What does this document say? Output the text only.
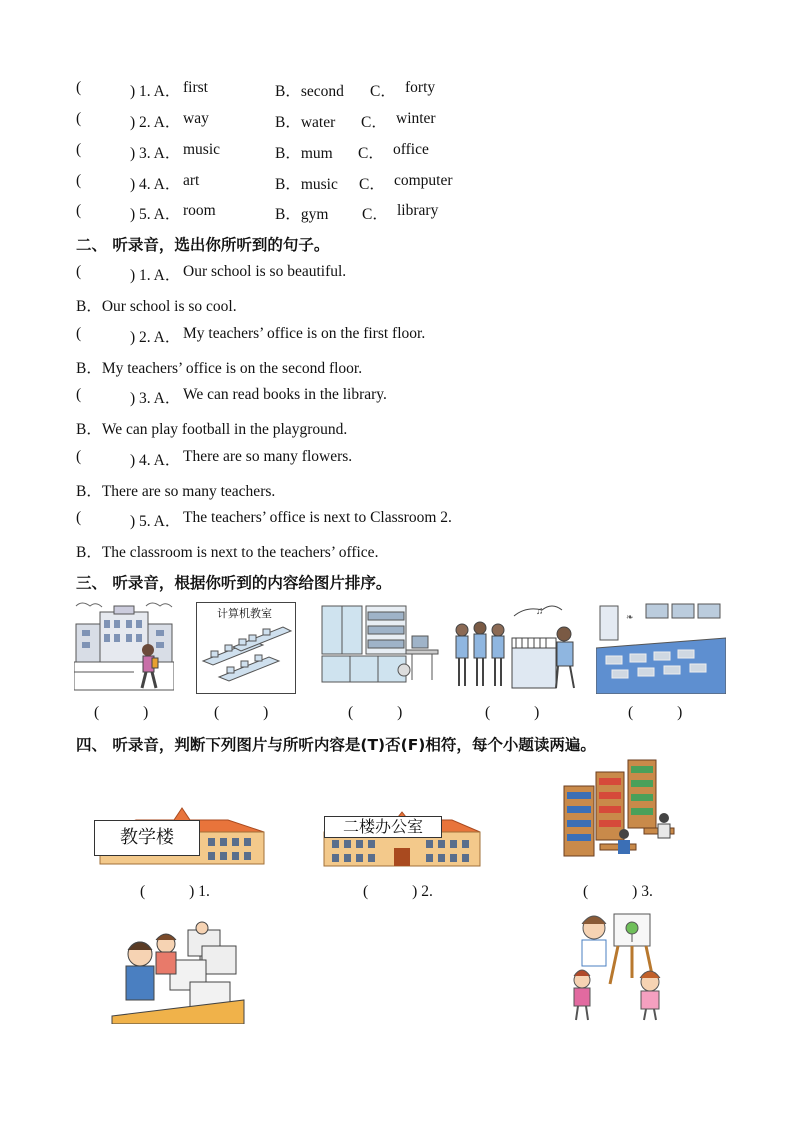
(	) 1. A． first	B．second C． forty
(	) 2. A． way	B．water C． winter
(	) 3. A． music	B．mum C． office
(	) 4. A． art	B．music C． computer
(	) 5. A． room	B．gym C． library
二、 听录音，选出你所听到的句子。
(	) 1. A． Our school is so beautiful.
B．Our school is so cool.
(	) 2. A． My teachers’ office is on the first floor.
B．My teachers’ office is on the second floor.
(	) 3. A． We can read books in the library.
B．We can play football in the playground.
(	) 4. A． There are so many flowers.
B．There are so many teachers.
(	) 5. A． The teachers’ office is next to Classroom 2.
B．The classroom is next to the teachers’ office.
三、 听录音，根据你听到的内容给图片排序。
计算机教室	♫	❧
(	)	(	)	(	)	(	)	(	)
四、 听录音，判断下列图片与所听内容是(T)否(F)相符，每个小题读两遍。
教学楼
二楼办公室
(	) 1.	(	) 2.	(	) 3.
